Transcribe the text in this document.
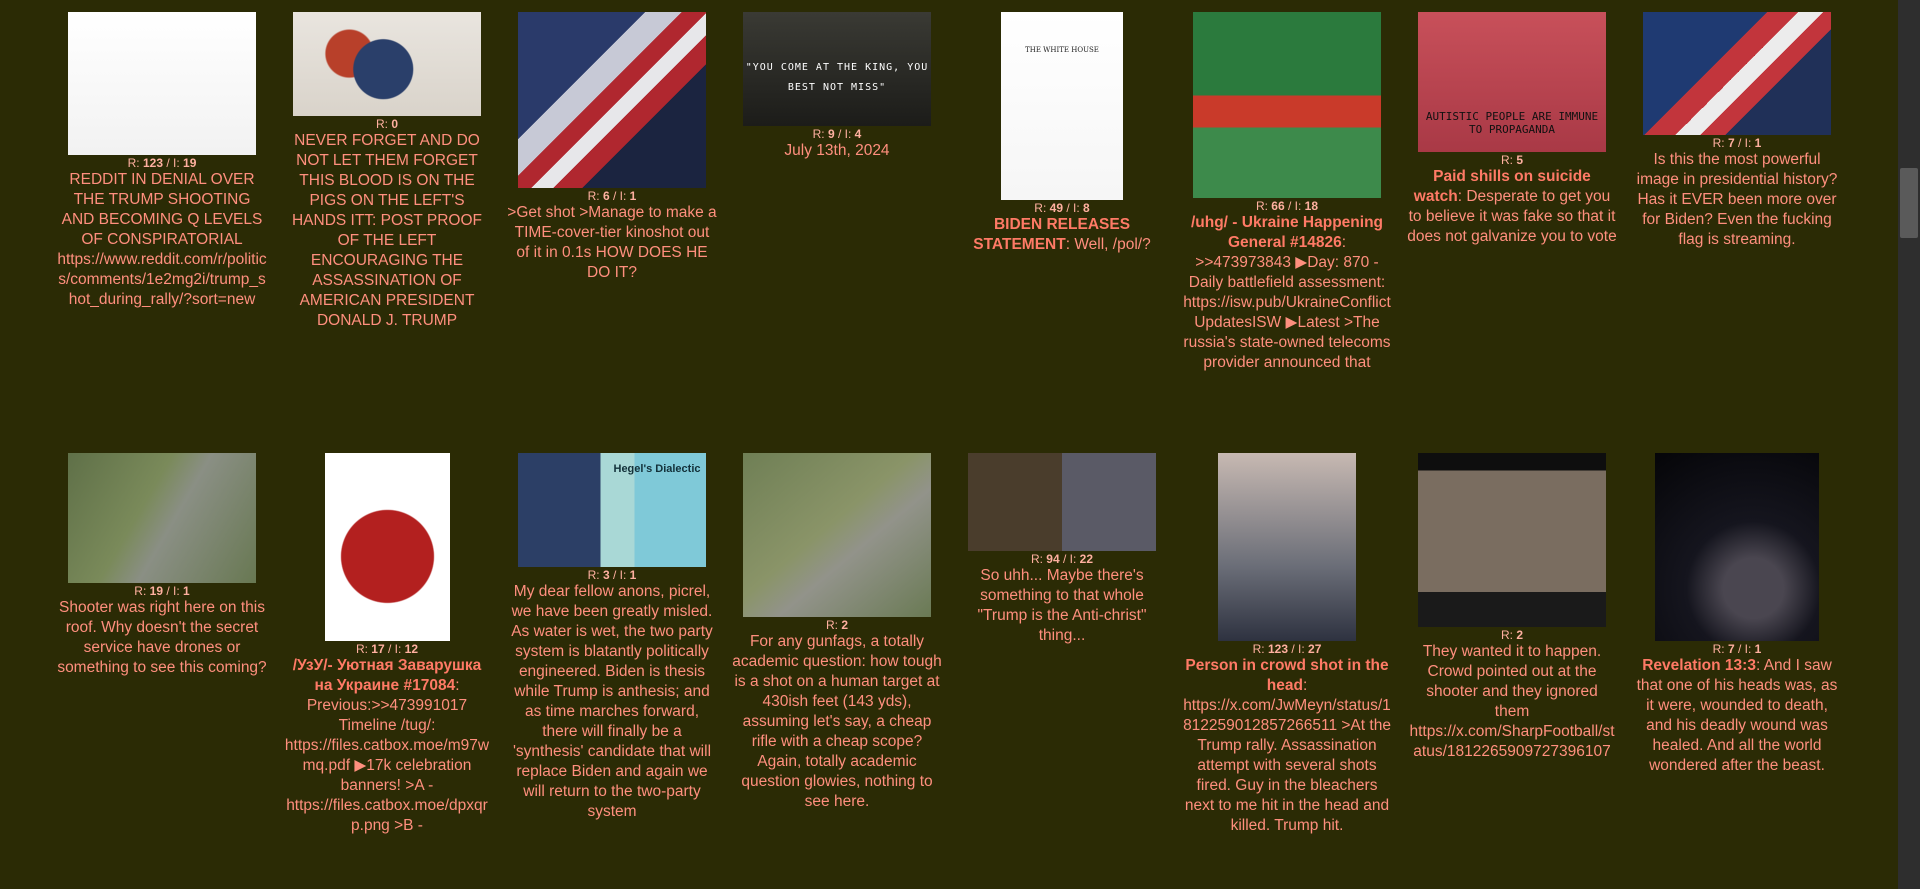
R: 123 / I: 19
REDDIT IN DENIAL OVER THE TRUMP SHOOTING AND BECOMING Q LEVELS OF CONSPIRATORIAL https://www.reddit.com/r/politics/comments/1e2mg2i/trump_shot_during_rally/?sort=new
R: 0
NEVER FORGET AND DO NOT LET THEM FORGET THIS BLOOD IS ON THE PIGS ON THE LEFT'S HANDS ITT: POST PROOF OF THE LEFT ENCOURAGING THE ASSASSINATION OF AMERICAN PRESIDENT DONALD J. TRUMP
R: 6 / I: 1
>Get shot >Manage to make a TIME-cover-tier kinoshot out of it in 0.1s HOW DOES HE DO IT?
"YOU COME AT THE KING, YOU BEST NOT MISS"
R: 9 / I: 4
July 13th, 2024
THE WHITE HOUSE
R: 49 / I: 8
BIDEN RELEASES STATEMENT: Well, /pol/?
R: 66 / I: 18
/uhg/ - Ukraine Happening General #14826: >>473973843 ▶Day: 870 - Daily battlefield assessment: https://isw.pub/UkraineConflictUpdatesISW ▶Latest >The russia's state-owned telecoms provider announced that
AUTISTIC PEOPLE ARE IMMUNE TO PROPAGANDA
R: 5
Paid shills on suicide watch: Desperate to get you to believe it was fake so that it does not galvanize you to vote
R: 7 / I: 1
Is this the most powerful image in presidential history? Has it EVER been more over for Biden? Even the fucking flag is streaming.
R: 19 / I: 1
Shooter was right here on this roof. Why doesn't the secret service have drones or something to see this coming?
R: 17 / I: 12
/УзУ/- Уютная Заварушка на Украине #17084: Previous:>>473991017 Timeline /tug/: https://files.catbox.moe/m97wmq.pdf ▶17k celebration banners! >A - https://files.catbox.moe/dpxqrp.png >B -
Hegel's Dialectic
R: 3 / I: 1
My dear fellow anons, picrel, we have been greatly misled. As water is wet, the two party system is blatantly politically engineered. Biden is thesis while Trump is anthesis; and as time marches forward, there will finally be a 'synthesis' candidate that will replace Biden and again we will return to the two-party system
R: 2
For any gunfags, a totally academic question: how tough is a shot on a human target at 430ish feet (143 yds), assuming let's say, a cheap rifle with a cheap scope? Again, totally academic question glowies, nothing to see here.
R: 94 / I: 22
So uhh... Maybe there's something to that whole "Trump is the Anti-christ" thing...
R: 123 / I: 27
Person in crowd shot in the head: https://x.com/JwMeyn/status/1812259012857266511 >At the Trump rally. Assassination attempt with several shots fired. Guy in the bleachers next to me hit in the head and killed. Trump hit.
R: 2
They wanted it to happen. Crowd pointed out at the shooter and they ignored them https://x.com/SharpFootball/status/1812265909727396107
R: 7 / I: 1
Revelation 13:3: And I saw that one of his heads was, as it were, wounded to death, and his deadly wound was healed. And all the world wondered after the beast.
